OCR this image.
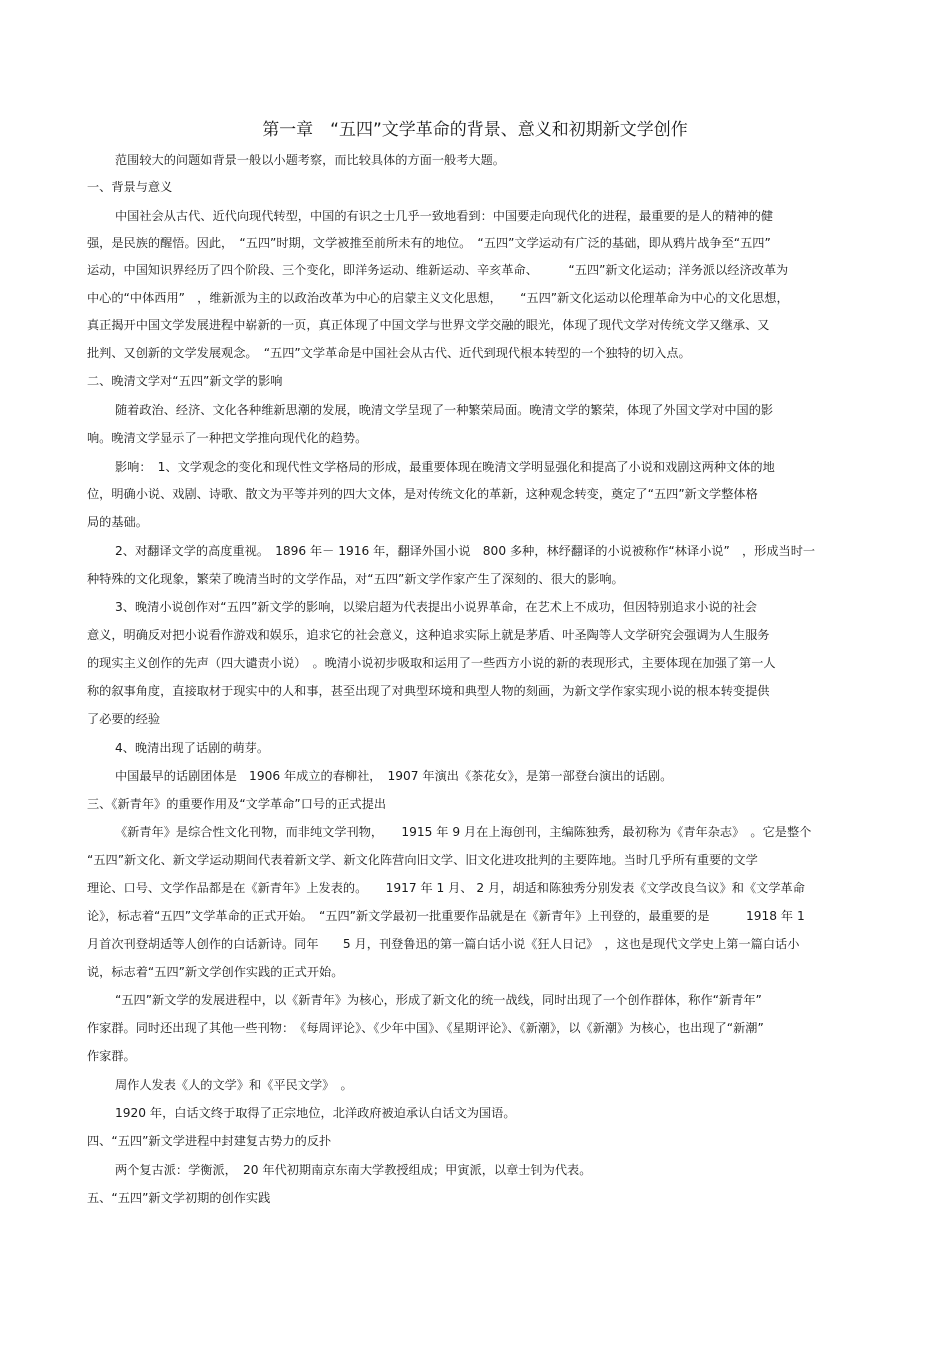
第一章　“五四”文学革命的背景、意义和初期新文学创作
范围较大的问题如背景一般以小题考察，而比较具体的方面一般考大题。
一、背景与意义
中国社会从古代、近代向现代转型，中国的有识之士几乎一致地看到：中国要走向现代化的进程，最重要的是人的精神的健
强，是民族的醒悟。因此，　“五四”时期，文学被推至前所未有的地位。　“五四”文学运动有广泛的基础，即从鸦片战争至“五四”
运动，中国知识界经历了四个阶段、三个变化，即洋务运动、维新运动、辛亥革命、　　　“五四”新文化运动；洋务派以经济改革为
中心的“中体西用”　，维新派为主的以政治改革为中心的启蒙主义文化思想，　　“五四”新文化运动以伦理革命为中心的文化思想，
真正揭开中国文学发展进程中崭新的一页，真正体现了中国文学与世界文学交融的眼光，体现了现代文学对传统文学又继承、又
批判、又创新的文学发展观念。　“五四”文学革命是中国社会从古代、近代到现代根本转型的一个独特的切入点。
二、晚清文学对“五四”新文学的影响
随着政治、经济、文化各种维新思潮的发展，晚清文学呈现了一种繁荣局面。晚清文学的繁荣，体现了外国文学对中国的影
响。晚清文学显示了一种把文学推向现代化的趋势。
影响：　1、文学观念的变化和现代性文学格局的形成，最重要体现在晚清文学明显强化和提高了小说和戏剧这两种文体的地
位，明确小说、戏剧、诗歌、散文为平等并列的四大文体，是对传统文化的革新，这种观念转变，奠定了“五四”新文学整体格
局的基础。
2、对翻译文学的高度重视。　1896 年－ 1916 年，翻译外国小说　800 多种，林纾翻译的小说被称作“林译小说”　，形成当时一
种特殊的文化现象，繁荣了晚清当时的文学作品，对“五四”新文学作家产生了深刻的、很大的影响。
3、晚清小说创作对“五四”新文学的影响，以梁启超为代表提出小说界革命，在艺术上不成功，但因特别追求小说的社会
意义，明确反对把小说看作游戏和娱乐，追求它的社会意义，这种追求实际上就是茅盾、叶圣陶等人文学研究会强调为人生服务
的现实主义创作的先声（四大谴责小说）　。晚清小说初步吸取和运用了一些西方小说的新的表现形式，主要体现在加强了第一人
称的叙事角度，直接取材于现实中的人和事，甚至出现了对典型环境和典型人物的刻画，为新文学作家实现小说的根本转变提供
了必要的经验
4、晚清出现了话剧的萌芽。
中国最早的话剧团体是　1906 年成立的春柳社，　1907 年演出《茶花女》，是第一部登台演出的话剧。
三、《新青年》的重要作用及“文学革命”口号的正式提出
《新青年》是综合性文化刊物，而非纯文学刊物，　　1915 年 9 月在上海创刊，主编陈独秀，最初称为《青年杂志》　。它是整个
“五四”新文化、新文学运动期间代表着新文学、新文化阵营向旧文学、旧文化进攻批判的主要阵地。当时几乎所有重要的文学
理论、口号、文学作品都是在《新青年》上发表的。　　1917 年 1 月、 2 月，胡适和陈独秀分别发表《文学改良刍议》和《文学革命
论》，标志着“五四”文学革命的正式开始。　“五四”新文学最初一批重要作品就是在《新青年》上刊登的，最重要的是　　　1918 年 1
月首次刊登胡适等人创作的白话新诗。同年　　5 月，刊登鲁迅的第一篇白话小说《狂人日记》　，这也是现代文学史上第一篇白话小
说，标志着“五四”新文学创作实践的正式开始。
“五四”新文学的发展进程中，以《新青年》为核心，形成了新文化的统一战线，同时出现了一个创作群体，称作“新青年”
作家群。同时还出现了其他一些刊物：　《每周评论》、《少年中国》、《星期评论》、《新潮》，以《新潮》为核心，也出现了“新潮”
作家群。
周作人发表《人的文学》和《平民文学》　。
1920 年，白话文终于取得了正宗地位，北洋政府被迫承认白话文为国语。
四、“五四”新文学进程中封建复古势力的反扑
两个复古派：学衡派，　20 年代初期南京东南大学教授组成；甲寅派，以章士钊为代表。
五、“五四”新文学初期的创作实践
